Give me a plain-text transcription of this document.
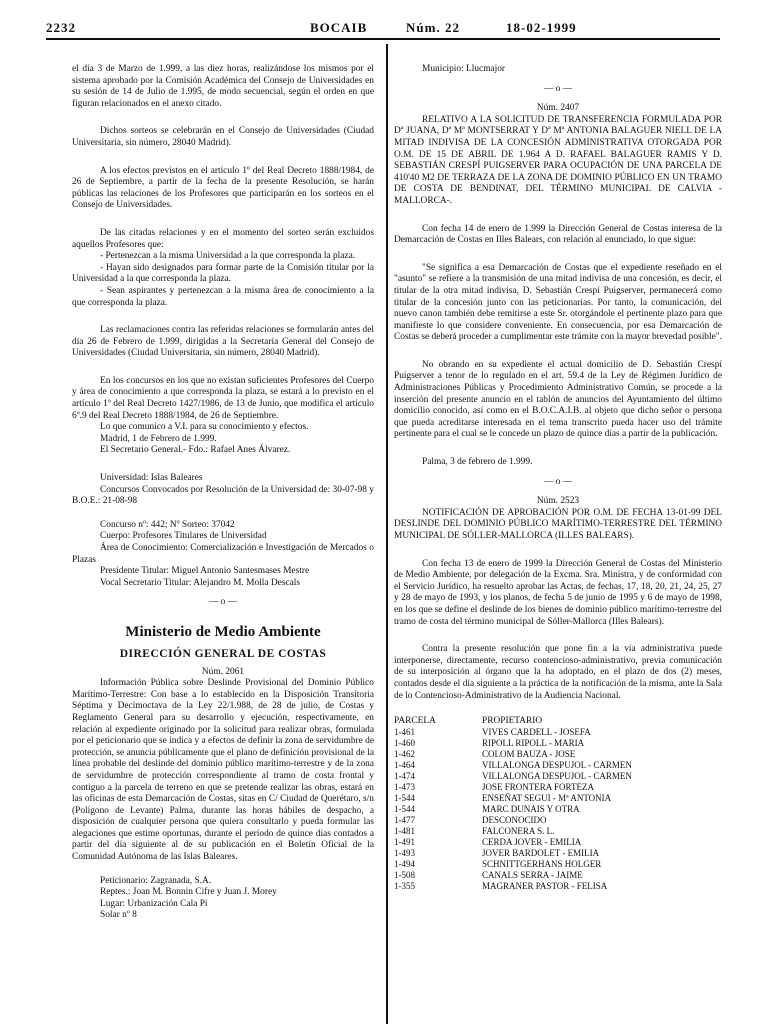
2232	BOCAIB	Núm. 22	18-02-1999

el día 3 de Marzo de 1.999, a las diez horas, realizándose los mismos por el sistema aprobado por la Comisión Académica del Consejo de Universidades en su sesión de 14 de Julio de 1.995, de modo secuencial, según el orden en que figuran relacionados en el anexo citado.

Dichos sorteos se celebrarán en el Consejo de Universidades (Ciudad Universitaria, sin número, 28040 Madrid).

A los efectos previstos en el artículo 1º del Real Decreto 1888/1984, de 26 de Septiembre, a partir de la fecha de la presente Resolución, se harán públicas las relaciones de los Profesores que participarán en los sorteos en el Consejo de Universidades.

De las citadas relaciones y en el momento del sorteo serán excluidos aquellos Profesores que:

- Pertenezcan a la misma Universidad a la que corresponda la plaza.

- Hayan sido designados para formar parte de la Comisión titular por la Universidad a la que corresponda la plaza.

- Sean aspirantes y pertenezcan a la misma área de conocimiento a la que corresponda la plaza.

Las reclamaciones contra las referidas relaciones se formularán antes del día 26 de Febrero de 1.999, dirigidas a la Secretaría General del Consejo de Universidades (Ciudad Universitaria, sin número, 28040 Madrid).

En los concursos en los que no existan suficientes Profesores del Cuerpo y área de conocimiento a que corresponda la plaza, se estará a lo previsto en el artículo 1º del Real Decreto 1427/1986, de 13 de Junio, que modifica el artículo 6º.9 del Real Decreto 1888/1984, de 26 de Septiembre.

Lo que comunico a V.I. para su conocimiento y efectos.

Madrid, 1 de Febrero de 1.999.

El Secretario General.- Fdo.: Rafael Anes Álvarez.

Universidad: Islas Baleares

Concursos Convocados por Resolución de la Universidad de: 30-07-98 y B.O.E.: 21-08-98

Concurso nº: 442; Nº Sorteo: 37042

Cuerpo: Profesores Titulares de Universidad

Área de Conocimiento: Comercialización e Investigación de Mercados o Plazas

Presidente Titular: Miguel Antonio Santesmases Mestre

Vocal Secretario Titular: Alejandro M. Molla Descals

— o —

Ministerio de Medio Ambiente
DIRECCIÓN GENERAL DE COSTAS

Núm. 2061

Información Pública sobre Deslinde Provisional del Dominio Público Marítimo-Terrestre: Con base a lo establecido en la Disposición Transitoria Séptima y Decimoctava de la Ley 22/1.988, de 28 de julio, de Costas y Reglamento General para su desarrollo y ejecución, respectivamente, en relación al expediente originado por la solicitud para realizar obras, formulada por el peticionario que se indica y a efectos de definir la zona de servidumbre de protección, se anuncia públicamente que el plano de definición provisional de la línea probable del deslinde del dominio público marítimo-terrestre y de la zona de servidumbre de protección correspondiente al tramo de costa frontal y contiguo a la parcela de terreno en que se pretende realizar las obras, estará en las oficinas de esta Demarcación de Costas, sitas en C/ Ciudad de Querétaro, s/n (Polígono de Levante) Palma, durante las horas hábiles de despacho, a disposición de cualquier persona que quiera consultarlo y pueda formular las alegaciones que estime oportunas, durante el período de quince días contados a partir del día siguiente al de su publicación en el Boletín Oficial de la Comunidad Autónoma de las Islas Baleares.

Peticionario: Zagranada, S.A.

Reptes.: Joan M. Bonnin Cifre y Juan J. Morey

Lugar: Urbanización Cala Pí

Solar nº 8

Municipio: Llucmajor

— o —

Núm. 2407

RELATIVO A LA SOLICITUD DE TRANSFERENCIA FORMULADA POR Dª JUANA, Dª Mª MONTSERRAT Y Dª Mª ANTONIA BALAGUER NIELL DE LA MITAD INDIVISA DE LA CONCESIÓN ADMINISTRATIVA OTORGADA POR O.M. DE 15 DE ABRIL DE 1.964 A D. RAFAEL BALAGUER RAMIS Y D. SEBASTIÁN CRESPÍ PUIGSERVER PARA OCUPACIÓN DE UNA PARCELA DE 410'40 M2 DE TERRAZA DE LA ZONA DE DOMINIO PÚBLICO EN UN TRAMO DE COSTA DE BENDINAT, DEL TÉRMINO MUNICIPAL DE CALVIA -MALLORCA-.

Con fecha 14 de enero de 1.999 la Dirección General de Costas interesa de la Demarcación de Costas en Illes Balears, con relación al enunciado, lo que sigue:

"Se significa a esa Demarcación de Costas que el expediente reseñado en el "asunto" se refiere a la transmisión de una mitad indivisa de una concesión, es decir, el titular de la otra mitad indivisa, D. Sebastián Crespí Puigserver, permanecerá como titular de la concesión junto con las peticionarias. Por tanto, la comunicación, del nuevo canon también debe remitirse a este Sr. otorgándole el pertinente plazo para que manifieste lo que considere conveniente. En consecuencia, por esa Demarcación de Costas se deberá proceder a cumplimentar este trámite con la mayor brevedad posible".

No obrando en su expediente el actual domicilio de D. Sebastián Crespí Puigserver a tenor de lo regulado en el art. 59.4 de la Ley de Régimen Jurídico de Administraciones Públicas y Procedimiento Administrativo Común, se procede a la inserción del presente anuncio en el tablón de anuncios del Ayuntamiento del último domicilio conocido, así como en el B.O.C.A.I.B. al objeto que dicho señor o persona que pueda acreditarse interesada en el tema transcrito pueda hacer uso del trámite pertinente para el cual se le concede un plazo de quince días a partir de la publicación.

Palma, 3 de febrero de 1.999.

— o —

Núm. 2523

NOTIFICACIÓN DE APROBACIÓN POR O.M. DE FECHA 13-01-99 DEL DESLINDE DEL DOMINIO PÚBLICO MARÍTIMO-TERRESTRE DEL TÉRMINO MUNICIPAL DE SÓLLER-MALLORCA (ILLES BALEARS).

Con fecha 13 de enero de 1999 la Dirección General de Costas del Ministerio de Medio Ambiente, por delegación de la Excma. Sra. Ministra, y de conformidad con el Servicio Jurídico, ha resuelto aprobar las Actas, de fechas, 17, 18, 20, 21, 24, 25, 27 y 28 de mayo de 1993, y los planos, de fecha 5 de junio de 1995 y 6 de mayo de 1998, en los que se define el deslinde de los bienes de dominio público marítimo-terrestre del tramo de costa del término municipal de Sóller-Mallorca (Illes Balears).

Contra la presente resolución que pone fin a la vía administrativa puede interponerse, directamente, recurso contencioso-administrativo, previa comunicación de su interposición al órgano que la ha adoptado, en el plazo de dos (2) meses, contados desde el día siguiente a la práctica de la notificación de la misma, ante la Sala de lo Contencioso-Administrativo de la Audiencia Nacional.

PARCELA	PROPIETARIO
1-461	VIVES CARDELL - JOSEFA
1-460	RIPOLL RIPOLL - MARIA
1-462	COLOM BAUZA - JOSE
1-464	VILLALONGA DESPUJOL - CARMEN
1-474	VILLALONGA DESPUJOL - CARMEN
1-473	JOSE FRONTERA FORTEZA
1-544	ENSEÑAT SEGUI - Mª ANTONIA
1-544	MARC DUNAIS Y OTRA
1-477	DESCONOCIDO
1-481	FALCONERA S. L.
1-491	CERDA JOVER - EMILIA
1-493	JOVER BARDOLET - EMILIA
1-494	SCHNITTGERHANS HOLGER
1-508	CANALS SERRA - JAIME
1-355	MAGRANER PASTOR - FELISA
